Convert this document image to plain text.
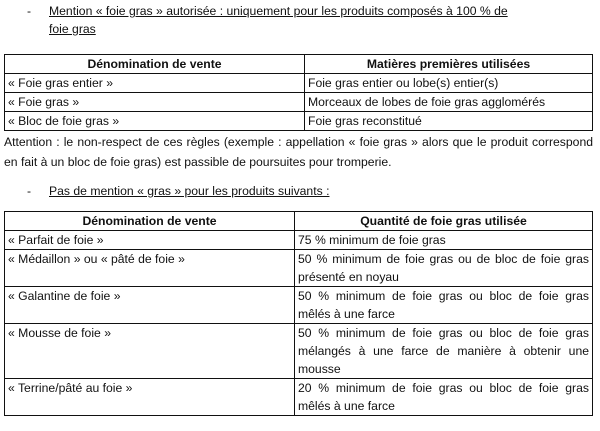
-	Mention « foie gras » autorisée : uniquement pour les produits composés à 100 % de
foie gras
Dénomination de vente	Matières premières utilisées
« Foie gras entier »	Foie gras entier ou lobe(s) entier(s)
« Foie gras »	Morceaux de lobes de foie gras agglomérés
« Bloc de foie gras »	Foie gras reconstitué
Attention : le non-respect de ces règles (exemple : appellation « foie gras » alors que le produit correspond en fait à un bloc de foie gras) est passible de poursuites pour tromperie.
-	Pas de mention « gras » pour les produits suivants :
Dénomination de vente	Quantité de foie gras utilisée
« Parfait de foie »	75 % minimum de foie gras
« Médaillon » ou « pâté de foie »	50 % minimum de foie gras ou de bloc de foie gras présenté en noyau
« Galantine de foie »	50 % minimum de foie gras ou bloc de foie gras mêlés à une farce
« Mousse de foie »	50 % minimum de foie gras ou bloc de foie gras mélangés à une farce de manière à obtenir une mousse
« Terrine/pâté au foie »	20 % minimum de foie gras ou bloc de foie gras mêlés à une farce
